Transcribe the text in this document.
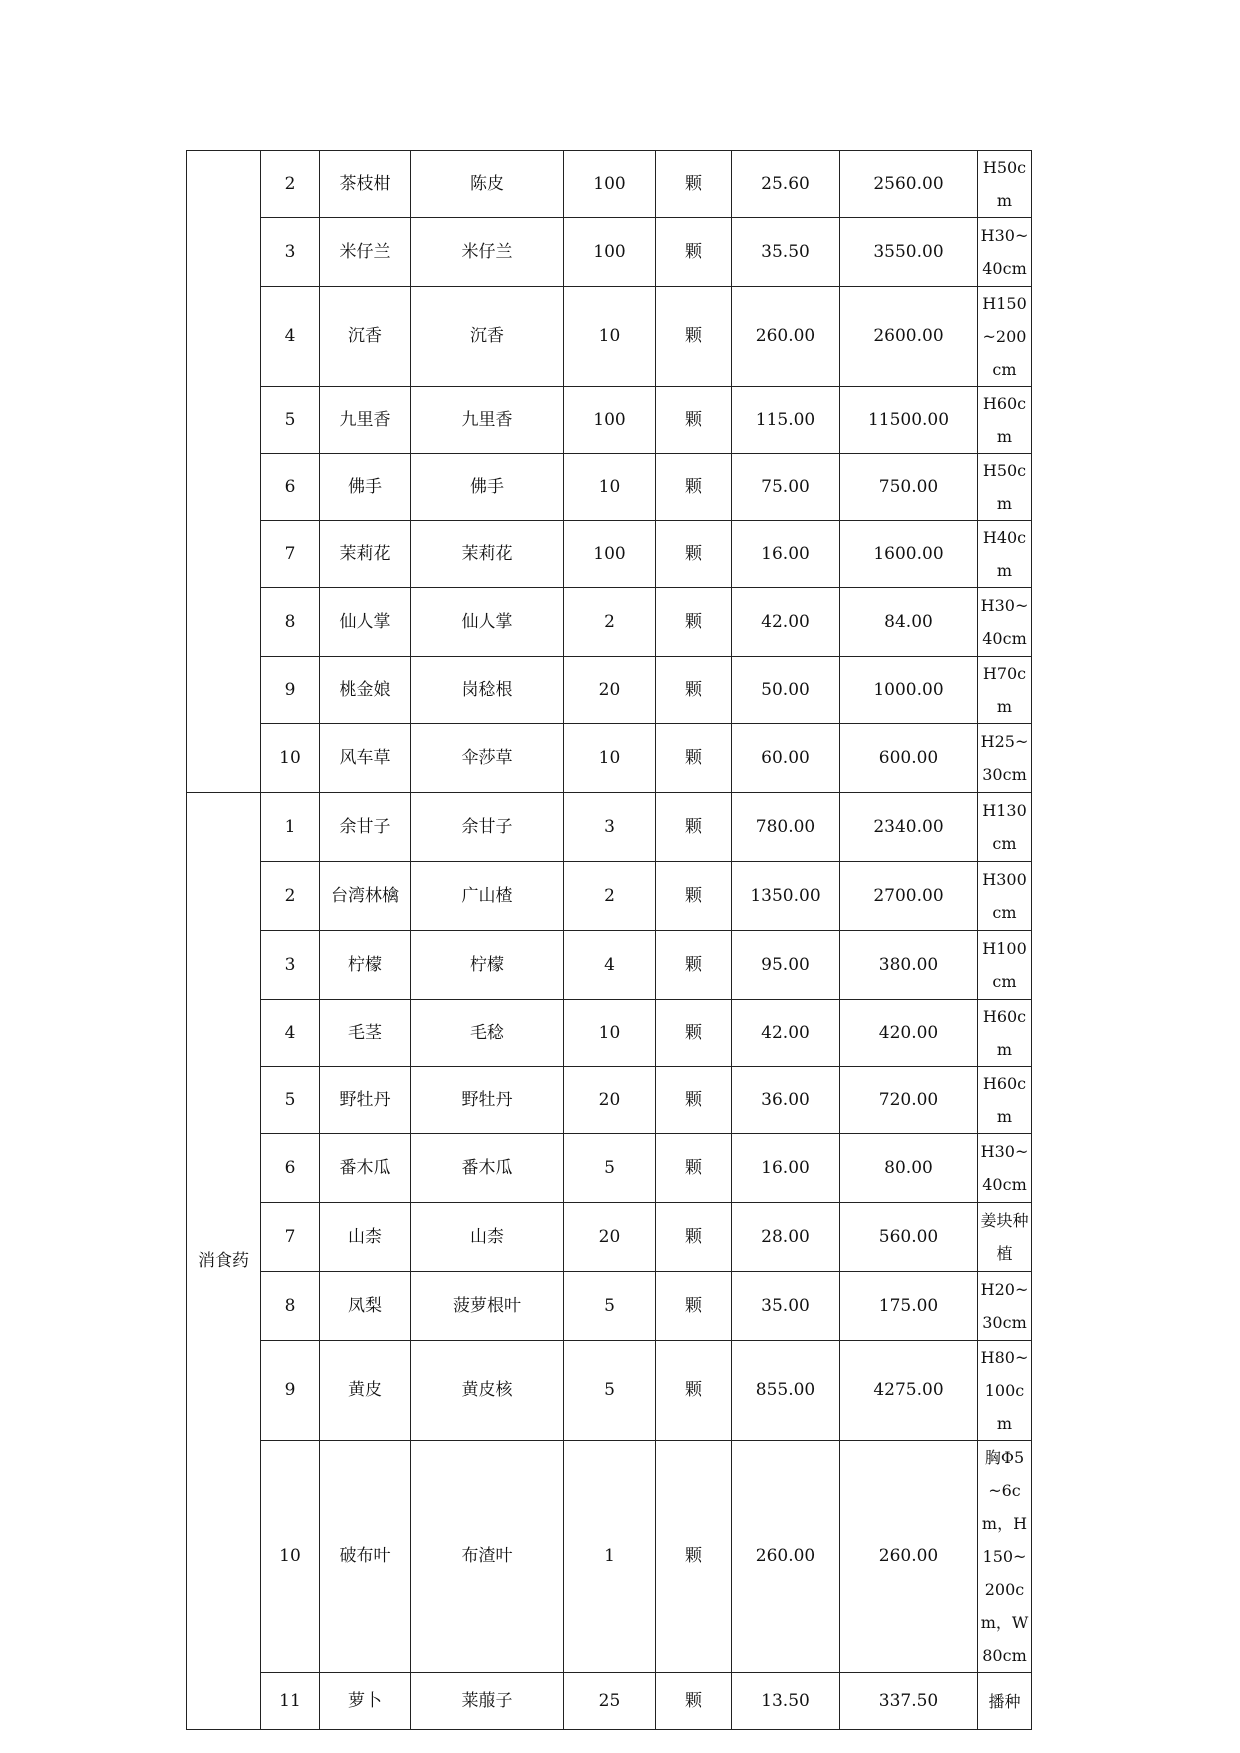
	2	茶枝柑	陈皮	100	颗	25.60	2560.00	H50cm
	3	米仔兰	米仔兰	100	颗	35.50	3550.00	H30~40cm
	4	沉香	沉香	10	颗	260.00	2600.00	H150~200cm
	5	九里香	九里香	100	颗	115.00	11500.00	H60cm
	6	佛手	佛手	10	颗	75.00	750.00	H50cm
	7	茉莉花	茉莉花	100	颗	16.00	1600.00	H40cm
	8	仙人掌	仙人掌	2	颗	42.00	84.00	H30~40cm
	9	桃金娘	岗稔根	20	颗	50.00	1000.00	H70cm
	10	风车草	伞莎草	10	颗	60.00	600.00	H25~30cm
消食药	1	余甘子	余甘子	3	颗	780.00	2340.00	H130cm
	2	台湾林檎	广山楂	2	颗	1350.00	2700.00	H300cm
	3	柠檬	柠檬	4	颗	95.00	380.00	H100cm
	4	毛茎	毛稔	10	颗	42.00	420.00	H60cm
	5	野牡丹	野牡丹	20	颗	36.00	720.00	H60cm
	6	番木瓜	番木瓜	5	颗	16.00	80.00	H30~40cm
	7	山柰	山柰	20	颗	28.00	560.00	姜块种植
	8	凤梨	菠萝根叶	5	颗	35.00	175.00	H20~30cm
	9	黄皮	黄皮核	5	颗	855.00	4275.00	H80~100cm
	10	破布叶	布渣叶	1	颗	260.00	260.00	胸Φ5~6cm，H150~200cm，W80cm
	11	萝卜	莱菔子	25	颗	13.50	337.50	播种
